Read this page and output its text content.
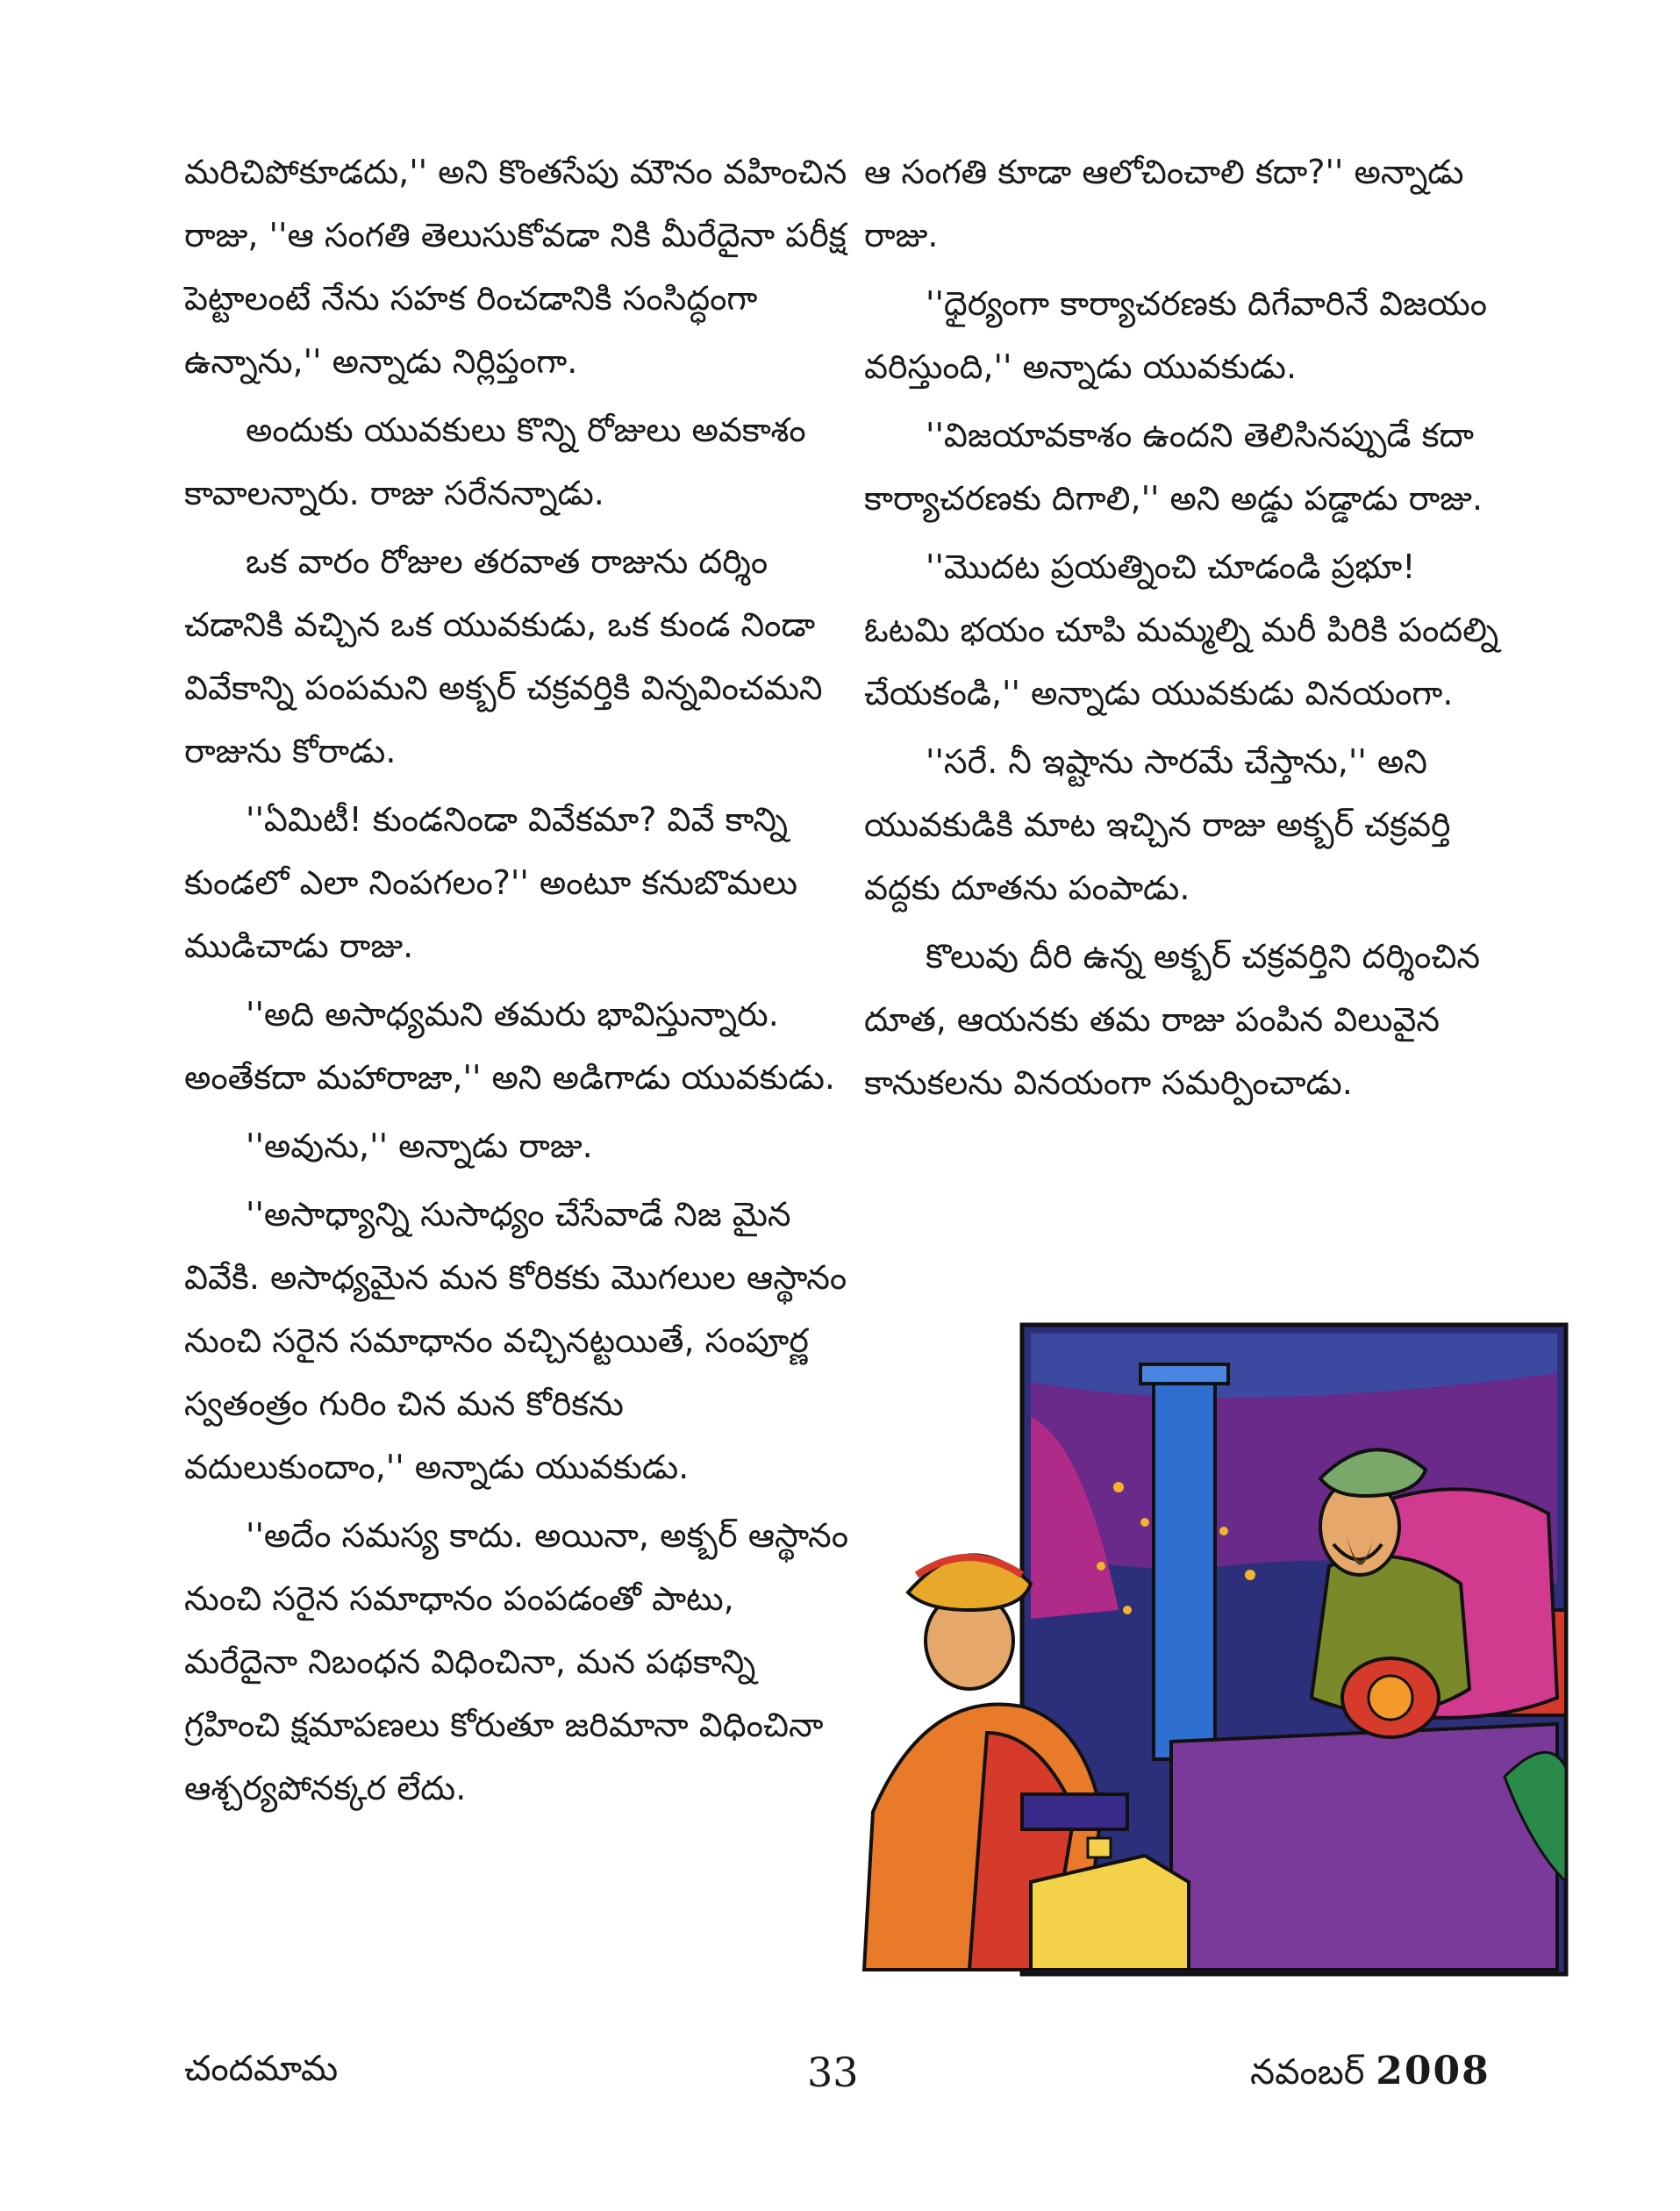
మరిచిపోకూడదు,'' అని కొంతసేపు మౌనం వహించిన రాజు, ''ఆ సంగతి తెలుసుకోవడా నికి మీరేదైనా పరీక్ష పెట్టాలంటే నేను సహక రించడానికి సంసిద్ధంగా ఉన్నాను,'' అన్నాడు నిర్లిప్తంగా.

అందుకు యువకులు కొన్ని రోజులు అవకాశం కావాలన్నారు. రాజు సరేనన్నాడు.

ఒక వారం రోజుల తరవాత రాజును దర్శిం చడానికి వచ్చిన ఒక యువకుడు, ఒక కుండ నిండా వివేకాన్ని పంపమని అక్బర్ చక్రవర్తికి విన్నవించమని రాజును కోరాడు.

''ఏమిటీ! కుండనిండా వివేకమా? వివే కాన్ని కుండలో ఎలా నింపగలం?'' అంటూ కనుబొమలు ముడిచాడు రాజు.

''అది అసాధ్యమని తమరు భావిస్తున్నారు. అంతేకదా మహారాజా,'' అని అడిగాడు యువకుడు.

''అవును,'' అన్నాడు రాజు.

''అసాధ్యాన్ని సుసాధ్యం చేసేవాడే నిజ మైన వివేకి. అసాధ్యమైన మన కోరికకు మొగలుల ఆస్థానం నుంచి సరైన సమాధానం వచ్చినట్టయితే, సంపూర్ణ స్వతంత్రం గురిం చిన మన కోరికను వదులుకుందాం,'' అన్నాడు యువకుడు.

''అదేం సమస్య కాదు. అయినా, అక్బర్ ఆస్థానం నుంచి సరైన సమాధానం పంపడంతో పాటు, మరేదైనా నిబంధన విధించినా, మన పథకాన్ని గ్రహించి క్షమాపణలు కోరుతూ జరిమానా విధించినా ఆశ్చర్యపోనక్కర లేదు.

ఆ సంగతి కూడా ఆలోచించాలి కదా?'' అన్నాడు రాజు.

''ధైర్యంగా కార్యాచరణకు దిగేవారినే విజయం వరిస్తుంది,'' అన్నాడు యువకుడు.

''విజయావకాశం ఉందని తెలిసినప్పుడే కదా కార్యాచరణకు దిగాలి,'' అని అడ్డు పడ్డాడు రాజు.

''మొదట ప్రయత్నించి చూడండి ప్రభూ! ఓటమి భయం చూపి మమ్మల్ని మరీ పిరికి పందల్ని చేయకండి,'' అన్నాడు యువకుడు వినయంగా.

''సరే. నీ ఇష్టాను సారమే చేస్తాను,'' అని యువకుడికి మాట ఇచ్చిన రాజు అక్బర్ చక్రవర్తి వద్దకు దూతను పంపాడు.

కొలువు దీరి ఉన్న అక్బర్ చక్రవర్తిని దర్శించిన దూత, ఆయనకు తమ రాజు పంపిన విలువైన కానుకలను వినయంగా సమర్పించాడు.

చందమామ	33	నవంబర్ 2008
